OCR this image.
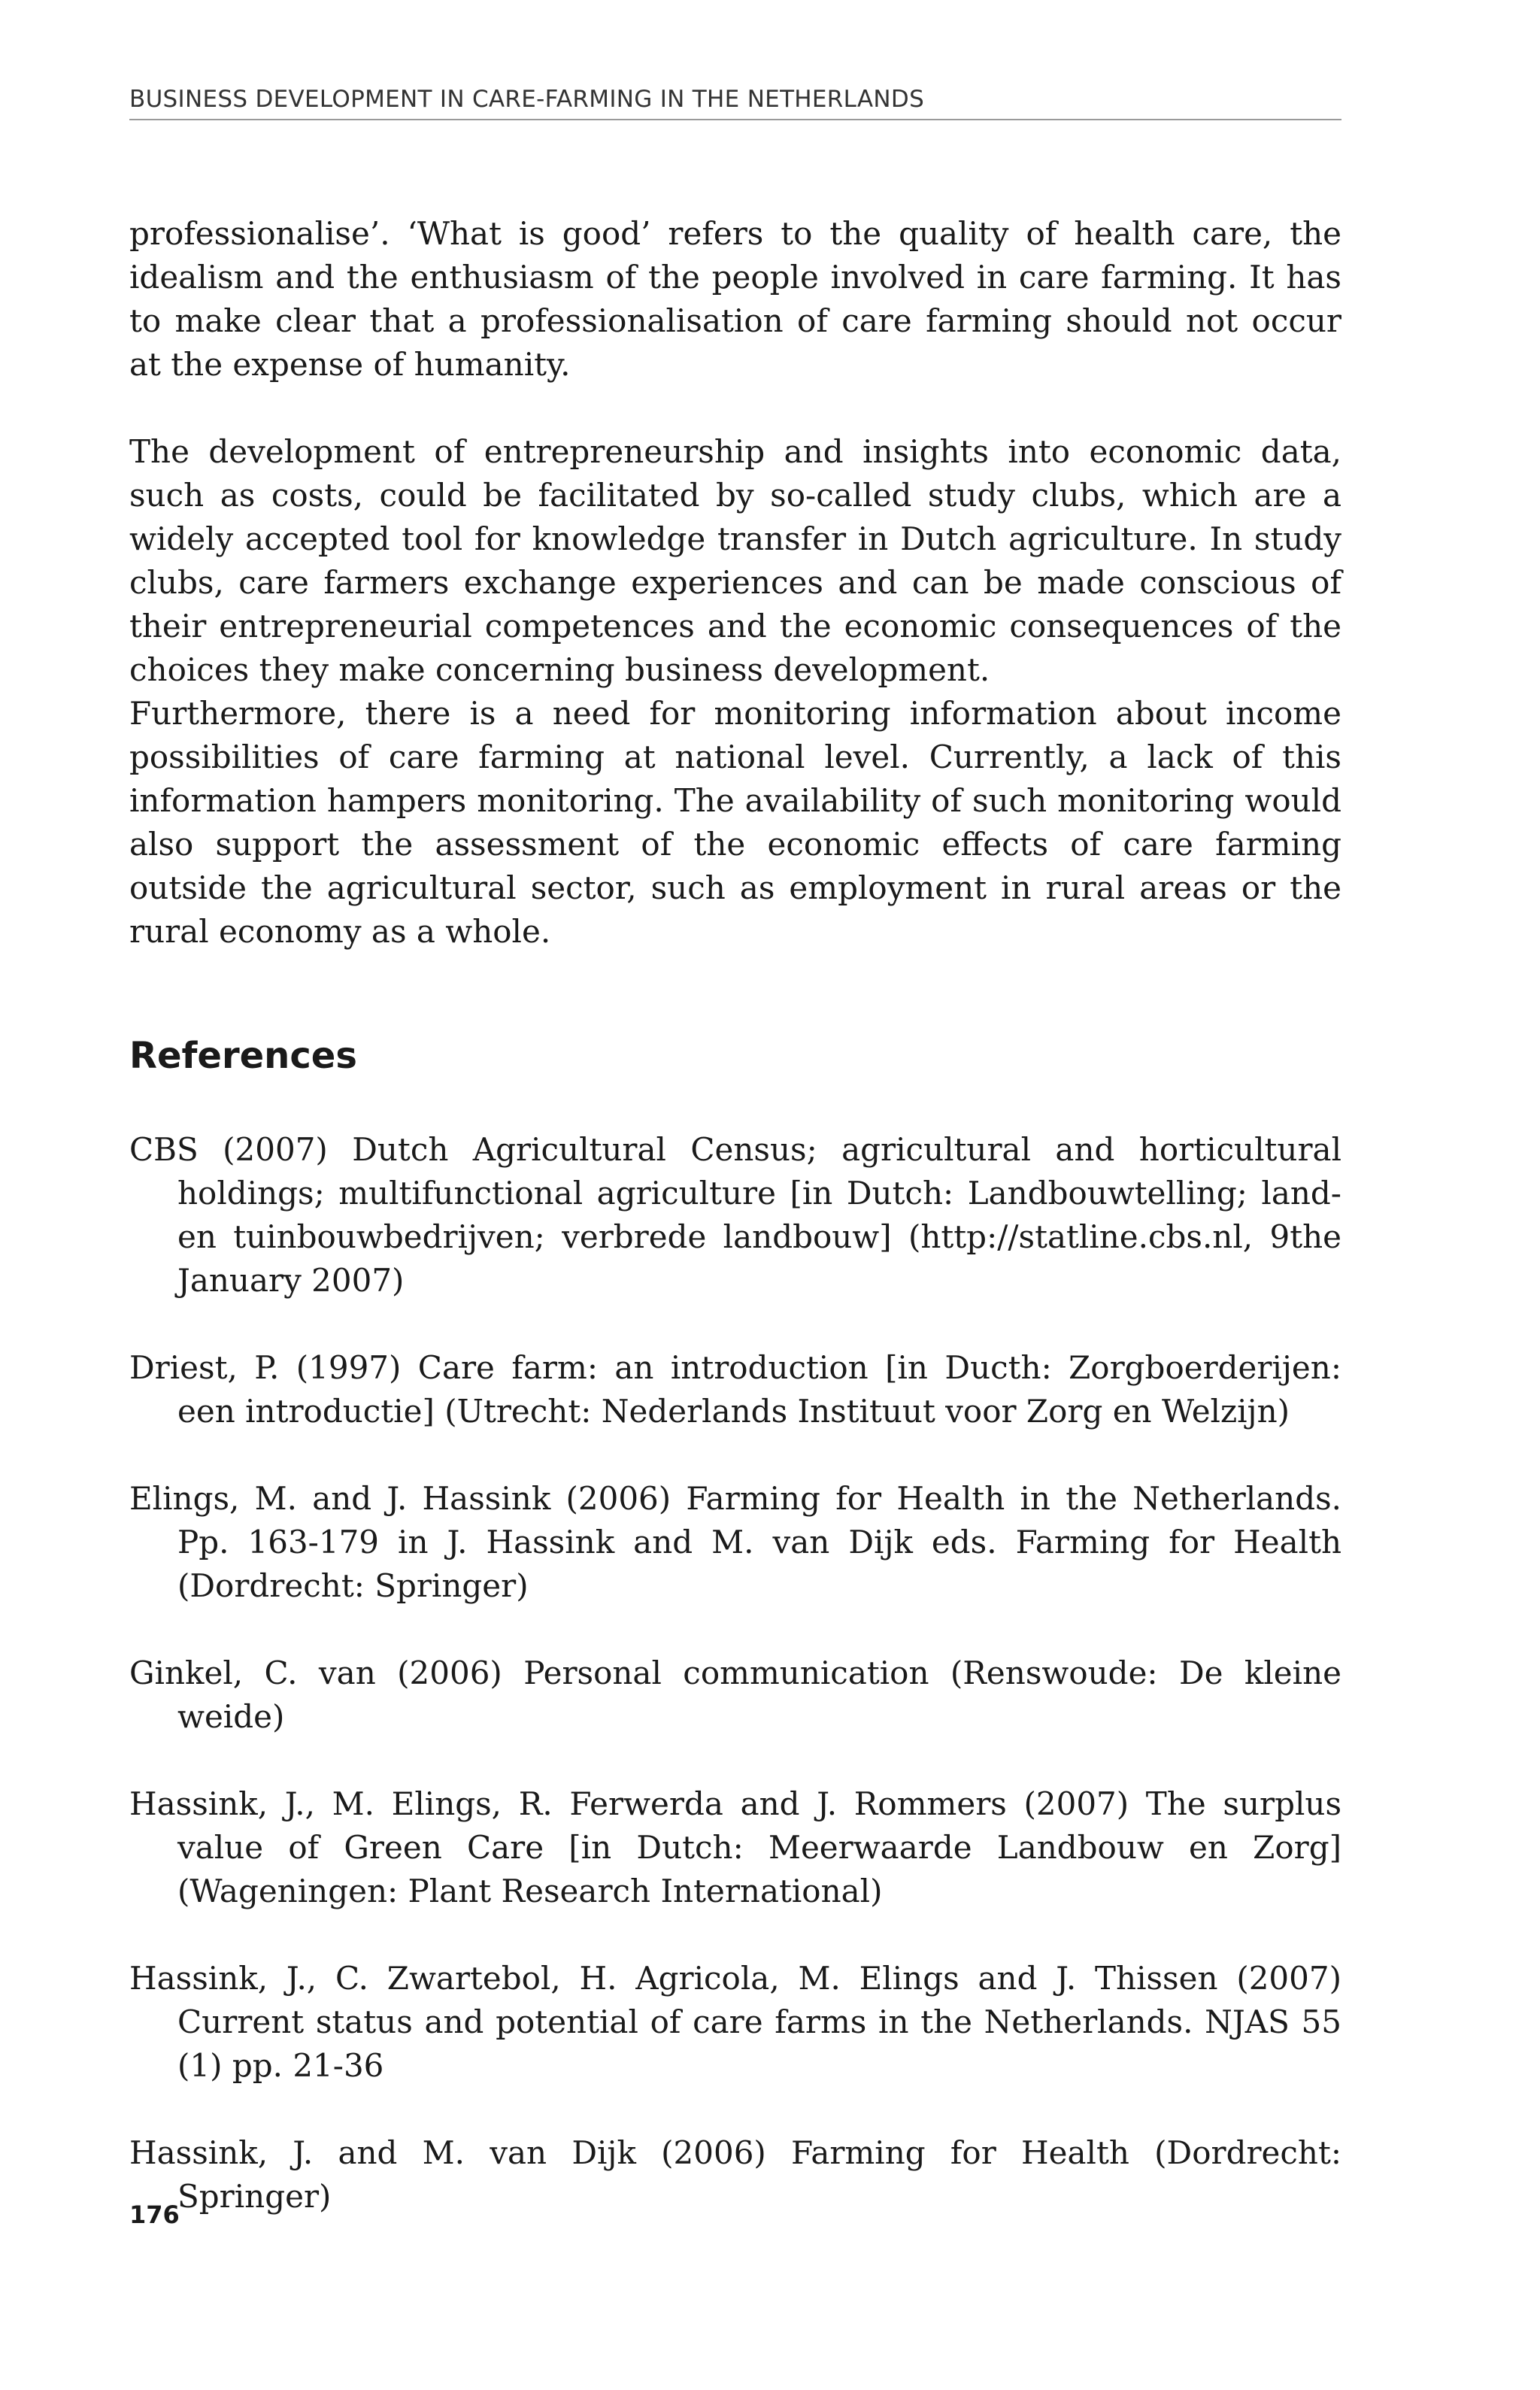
BUSINESS DEVELOPMENT IN CARE-FARMING IN THE NETHERLANDS

professionalise’. ‘What is good’ refers to the quality of health care, the idealism and the enthusiasm of the people involved in care farming. It has to make clear that a professionalisation of care farming should not occur at the expense of humanity.

The development of entrepreneurship and insights into economic data, such as costs, could be facilitated by so-called study clubs, which are a widely accepted tool for knowledge transfer in Dutch agriculture. In study clubs, care farmers exchange experiences and can be made conscious of their entrepreneurial competences and the economic consequences of the choices they make concerning business development.

Furthermore, there is a need for monitoring information about income possibilities of care farming at national level. Currently, a lack of this information hampers monitoring. The availability of such monitoring would also support the assessment of the economic effects of care farming outside the agricultural sector, such as employment in rural areas or the rural economy as a whole.

References
CBS (2007) Dutch Agricultural Census; agricultural and horticultural holdings; multifunctional agriculture [in Dutch: Landbouwtelling; land- en tuinbouwbedrijven; verbrede landbouw] (http://statline.cbs.nl, 9the January 2007)
Driest, P. (1997) Care farm: an introduction [in Ducth: Zorgboerderijen: een introductie] (Utrecht: Nederlands Instituut voor Zorg en Welzijn)
Elings, M. and J. Hassink (2006) Farming for Health in the Netherlands. Pp. 163-179 in J. Hassink and M. van Dijk eds. Farming for Health (Dordrecht: Springer)
Ginkel, C. van (2006) Personal communication (Renswoude: De kleine weide)
Hassink, J., M. Elings, R. Ferwerda and J. Rommers (2007) The surplus value of Green Care [in Dutch: Meerwaarde Landbouw en Zorg] (Wageningen: Plant Research International)
Hassink, J., C. Zwartebol, H. Agricola, M. Elings and J. Thissen (2007) Current status and potential of care farms in the Netherlands. NJAS 55 (1) pp. 21-36
Hassink, J. and M. van Dijk (2006) Farming for Health (Dordrecht: Springer)
176
